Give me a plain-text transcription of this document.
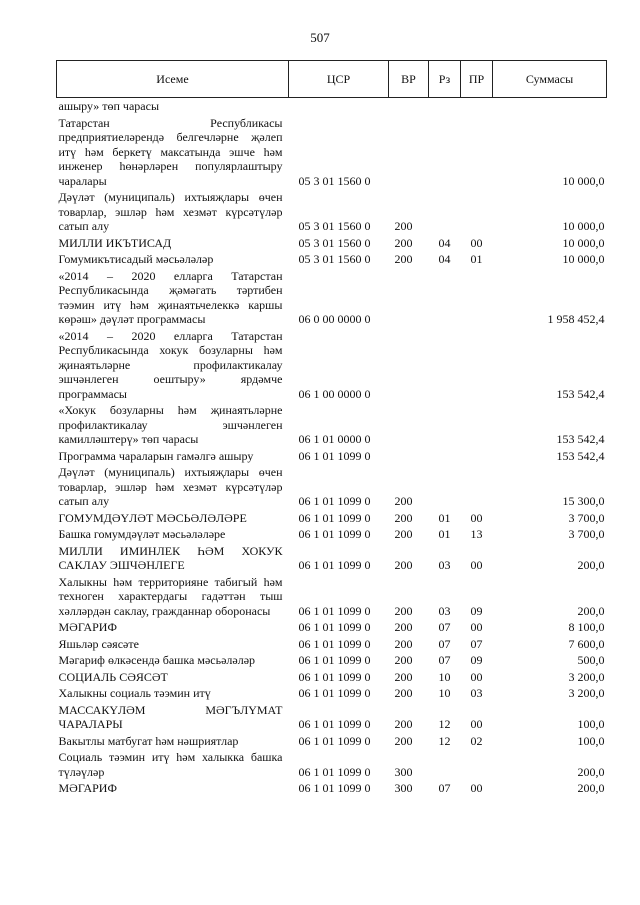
507
Исеме	ЦСР	ВР	Рз	ПР	Суммасы
ашыру» төп чарасы					
Татарстан Республикасы предприятиеләрендә белгечләрне җәлеп итү һәм беркетү максатында эшче һәм инженер һөнәрләрен популярлаштыру чаралары	05 3 01 1560 0				10 000,0
Дәүләт (муниципаль) ихтыяҗлары өчен товарлар, эшләр һәм хезмәт күрсәтүләр сатып алу	05 3 01 1560 0	200			10 000,0
МИЛЛИ ИКЪТИСАД	05 3 01 1560 0	200	04	00	10 000,0
Гомумикътисадый мәсьәләләр	05 3 01 1560 0	200	04	01	10 000,0
«2014 – 2020 елларга Татарстан Республикасында җәмәгать тәртибен тәэмин итү һәм җинаятьчелеккә каршы көрәш» дәүләт программасы	06 0 00 0000 0				1 958 452,4
«2014 – 2020 елларга Татарстан Республикасында хокук бозуларны һәм җинаятьләрне профилактикалау эшчәнлеген оештыру» ярдәмче программасы	06 1 00 0000 0				153 542,4
«Хокук бозуларны һәм җинаятьләрне профилактикалау эшчәнлеген камилләштерү» төп чарасы	06 1 01 0000 0				153 542,4
Программа чараларын гамәлгә ашыру	06 1 01 1099 0				153 542,4
Дәүләт (муниципаль) ихтыяҗлары өчен товарлар, эшләр һәм хезмәт күрсәтүләр сатып алу	06 1 01 1099 0	200			15 300,0
ГОМУМДӘҮЛӘТ МӘСЬӘЛӘЛӘРЕ	06 1 01 1099 0	200	01	00	3 700,0
Башка гомумдәүләт мәсьәләләре	06 1 01 1099 0	200	01	13	3 700,0
МИЛЛИ ИМИНЛЕК ҺӘМ ХОКУК САКЛАУ ЭШЧӘНЛЕГЕ	06 1 01 1099 0	200	03	00	200,0
Халыкны һәм территорияне табигый һәм техноген характердагы гадәттән тыш хәлләрдән саклау, гражданнар оборонасы	06 1 01 1099 0	200	03	09	200,0
МӘГАРИФ	06 1 01 1099 0	200	07	00	8 100,0
Яшьләр сәясәте	06 1 01 1099 0	200	07	07	7 600,0
Мәгариф өлкәсендә башка мәсьәләләр	06 1 01 1099 0	200	07	09	500,0
СОЦИАЛЬ СӘЯСӘТ	06 1 01 1099 0	200	10	00	3 200,0
Халыкны социаль тәэмин итү	06 1 01 1099 0	200	10	03	3 200,0
МАССАКҮЛӘМ МӘГЪЛҮМАТ ЧАРАЛАРЫ	06 1 01 1099 0	200	12	00	100,0
Вакытлы матбугат һәм нәшриятлар	06 1 01 1099 0	200	12	02	100,0
Социаль тәэмин итү һәм халыкка башка түләүләр	06 1 01 1099 0	300			200,0
МӘГАРИФ	06 1 01 1099 0	300	07	00	200,0
